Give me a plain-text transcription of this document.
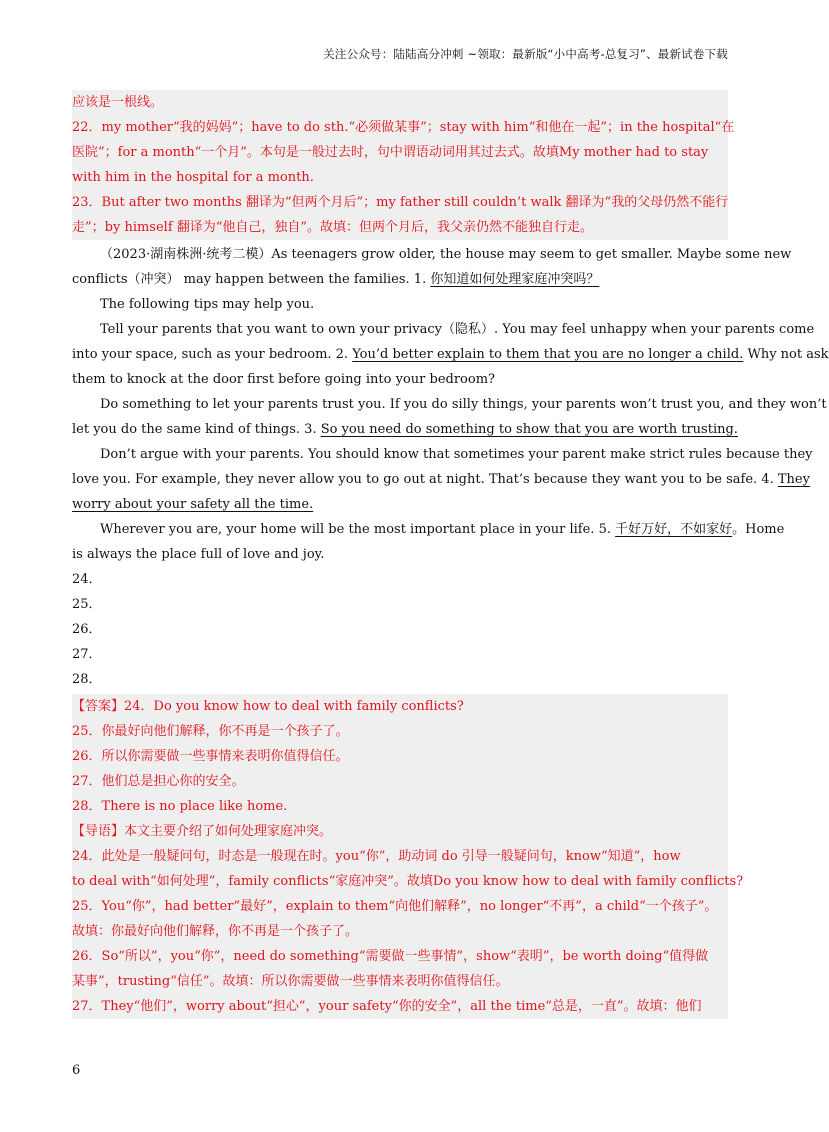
关注公众号：陆陆高分冲刺 ~领取：最新版“小中高考-总复习”、最新试卷下载
应该是一根线。
22．my mother“我的妈妈”；have to do sth.“必须做某事”；stay with him“和他在一起”；in the hospital“在
医院”；for a month“一个月”。本句是一般过去时，句中谓语动词用其过去式。故填My mother had to stay
with him in the hospital for a month.
23．But after two months 翻译为“但两个月后”；my father still couldn’t walk 翻译为“我的父母仍然不能行
走”；by himself 翻译为“他自己，独自”。故填：但两个月后，我父亲仍然不能独自行走。
（2023·湖南株洲·统考二模）As teenagers grow older, the house may seem to get smaller. Maybe some new
conflicts（冲突） may happen between the families. 1. 你知道如何处理家庭冲突吗？
The following tips may help you.
Tell your parents that you want to own your privacy（隐私）. You may feel unhappy when your parents come
into your space, such as your bedroom. 2. You’d better explain to them that you are no longer a child. Why not ask
them to knock at the door first before going into your bedroom?
Do something to let your parents trust you. If you do silly things, your parents won’t trust you, and they won’t
let you do the same kind of things. 3. So you need do something to show that you are worth trusting.
Don’t argue with your parents. You should know that sometimes your parent make strict rules because they
love you. For example, they never allow you to go out at night. That’s because they want you to be safe. 4. They
worry about your safety all the time.
Wherever you are, your home will be the most important place in your life. 5. 千好万好，不如家好。Home
is always the place full of love and joy.
24．
25．
26．
27．
28．
【答案】24．Do you know how to deal with family conflicts?
25．你最好向他们解释，你不再是一个孩子了。
26．所以你需要做一些事情来表明你值得信任。
27．他们总是担心你的安全。
28．There is no place like home.
【导语】本文主要介绍了如何处理家庭冲突。
24．此处是一般疑问句，时态是一般现在时。you“你”，助动词 do 引导一般疑问句，know“知道”，how
to deal with“如何处理”，family conflicts“家庭冲突”。故填Do you know how to deal with family conflicts?
25．You“你”，had better“最好”，explain to them“向他们解释”，no longer“不再”，a child“一个孩子”。
故填：你最好向他们解释，你不再是一个孩子了。
26．So“所以”，you“你”，need do something“需要做一些事情”，show“表明”，be worth doing“值得做
某事”，trusting“信任”。故填：所以你需要做一些事情来表明你值得信任。
27．They“他们”，worry about“担心”，your safety“你的安全”，all the time“总是，一直”。故填：他们
6
